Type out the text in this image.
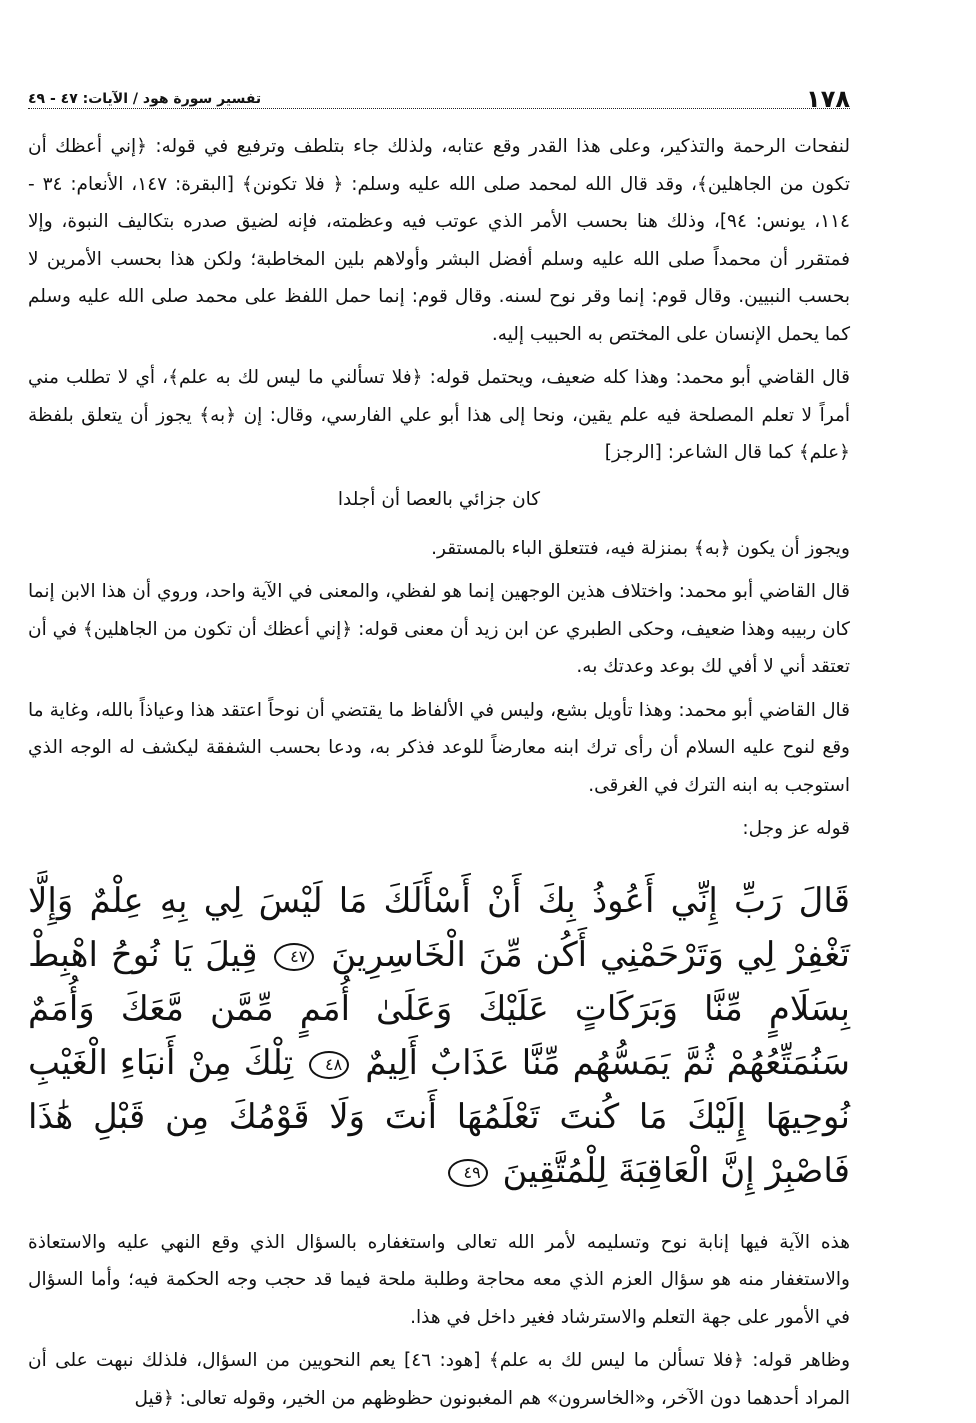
١٧٨
تفسير سورة هود / الآيات: ٤٧ - ٤٩

لنفحات الرحمة والتذكير، وعلى هذا القدر وقع عتابه، ولذلك جاء بتلطف وترفيع في قوله: ﴿إني أعظك أن تكون من الجاهلين﴾، وقد قال الله لمحمد صلى الله عليه وسلم: ﴿ فلا تكونن﴾ [البقرة: ١٤٧، الأنعام: ٣٤ - ١١٤، يونس: ٩٤]، وذلك هنا بحسب الأمر الذي عوتب فيه وعظمته، فإنه لضيق صدره بتكاليف النبوة، وإلا فمتقرر أن محمداً صلى الله عليه وسلم أفضل البشر وأولاهم بلين المخاطبة؛ ولكن هذا بحسب الأمرين لا بحسب النبيين. وقال قوم: إنما وقر نوح لسنه. وقال قوم: إنما حمل اللفظ على محمد صلى الله عليه وسلم كما يحمل الإنسان على المختص به الحبيب إليه.

قال القاضي أبو محمد: وهذا كله ضعيف، ويحتمل قوله: ﴿فلا تسألني ما ليس لك به علم﴾، أي لا تطلب مني أمراً لا تعلم المصلحة فيه علم يقين، ونحا إلى هذا أبو علي الفارسي، وقال: إن ﴿به﴾ يجوز أن يتعلق بلفظة ﴿علم﴾ كما قال الشاعر: [الرجز]

كان جزائي بالعصا أن أجلدا

ويجوز أن يكون ﴿به﴾ بمنزلة فيه، فتتعلق الباء بالمستقر.

قال القاضي أبو محمد: واختلاف هذين الوجهين إنما هو لفظي، والمعنى في الآية واحد، وروي أن هذا الابن إنما كان ربيبه وهذا ضعيف، وحكى الطبري عن ابن زيد أن معنى قوله: ﴿إني أعظك أن تكون من الجاهلين﴾ في أن تعتقد أني لا أفي لك بوعد وعدتك به.

قال القاضي أبو محمد: وهذا تأويل بشع، وليس في الألفاظ ما يقتضي أن نوحاً اعتقد هذا وعياذاً بالله، وغاية ما وقع لنوح عليه السلام أن رأى ترك ابنه معارضاً للوعد فذكر به، ودعا بحسب الشفقة ليكشف له الوجه الذي استوجب به ابنه الترك في الغرقى.

قوله عز وجل:

قَالَ رَبِّ إِنِّي أَعُوذُ بِكَ أَنْ أَسْأَلَكَ مَا لَيْسَ لِي بِهِ عِلْمٌ وَإِلَّا تَغْفِرْ لِي وَتَرْحَمْنِي أَكُن مِّنَ الْخَاسِرِينَ ٤٧ قِيلَ يَا نُوحُ اهْبِطْ بِسَلَامٍ مِّنَّا وَبَرَكَاتٍ عَلَيْكَ وَعَلَىٰ أُمَمٍ مِّمَّن مَّعَكَ وَأُمَمٌ سَنُمَتِّعُهُمْ ثُمَّ يَمَسُّهُم مِّنَّا عَذَابٌ أَلِيمٌ ٤٨ تِلْكَ مِنْ أَنبَاءِ الْغَيْبِ نُوحِيهَا إِلَيْكَ مَا كُنتَ تَعْلَمُهَا أَنتَ وَلَا قَوْمُكَ مِن قَبْلِ هَٰذَا فَاصْبِرْ إِنَّ الْعَاقِبَةَ لِلْمُتَّقِينَ ٤٩

هذه الآية فيها إنابة نوح وتسليمه لأمر الله تعالى واستغفاره بالسؤال الذي وقع النهي عليه والاستعاذة والاستغفار منه هو سؤال العزم الذي معه محاجة وطلبة ملحة فيما قد حجب وجه الحكمة فيه؛ وأما السؤال في الأمور على جهة التعلم والاسترشاد فغير داخل في هذا.

وظاهر قوله: ﴿فلا تسألن ما ليس لك به علم﴾ [هود: ٤٦] يعم النحويين من السؤال، فلذلك نبهت على أن المراد أحدهما دون الآخر، و«الخاسرون» هم المغبونون حظوظهم من الخير، وقوله تعالى: ﴿قيل
